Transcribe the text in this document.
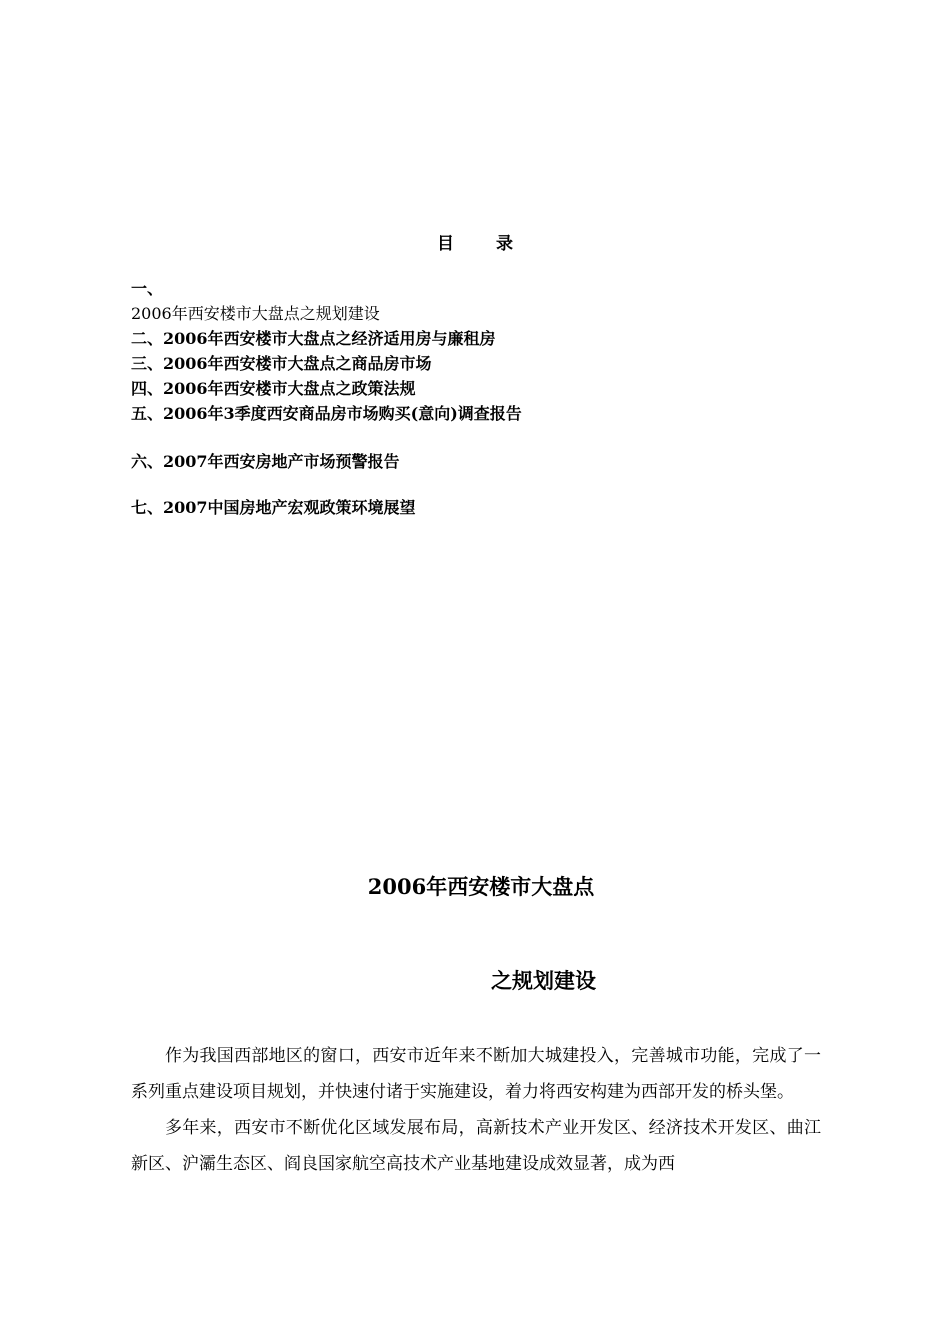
目 录
一、
2006年西安楼市大盘点之规划建设
二、2006年西安楼市大盘点之经济适用房与廉租房
三、2006年西安楼市大盘点之商品房市场
四、2006年西安楼市大盘点之政策法规
五、2006年3季度西安商品房市场购买(意向)调查报告
六、2007年西安房地产市场预警报告
七、2007中国房地产宏观政策环境展望
2006年西安楼市大盘点
之规划建设

作为我国西部地区的窗口，西安市近年来不断加大城建投入，完善城市功能，完成了一系列重点建设项目规划，并快速付诸于实施建设，着力将西安构建为西部开发的桥头堡。

多年来，西安市不断优化区域发展布局，高新技术产业开发区、经济技术开发区、曲江新区、沪灞生态区、阎良国家航空高技术产业基地建设成效显著，成为西
